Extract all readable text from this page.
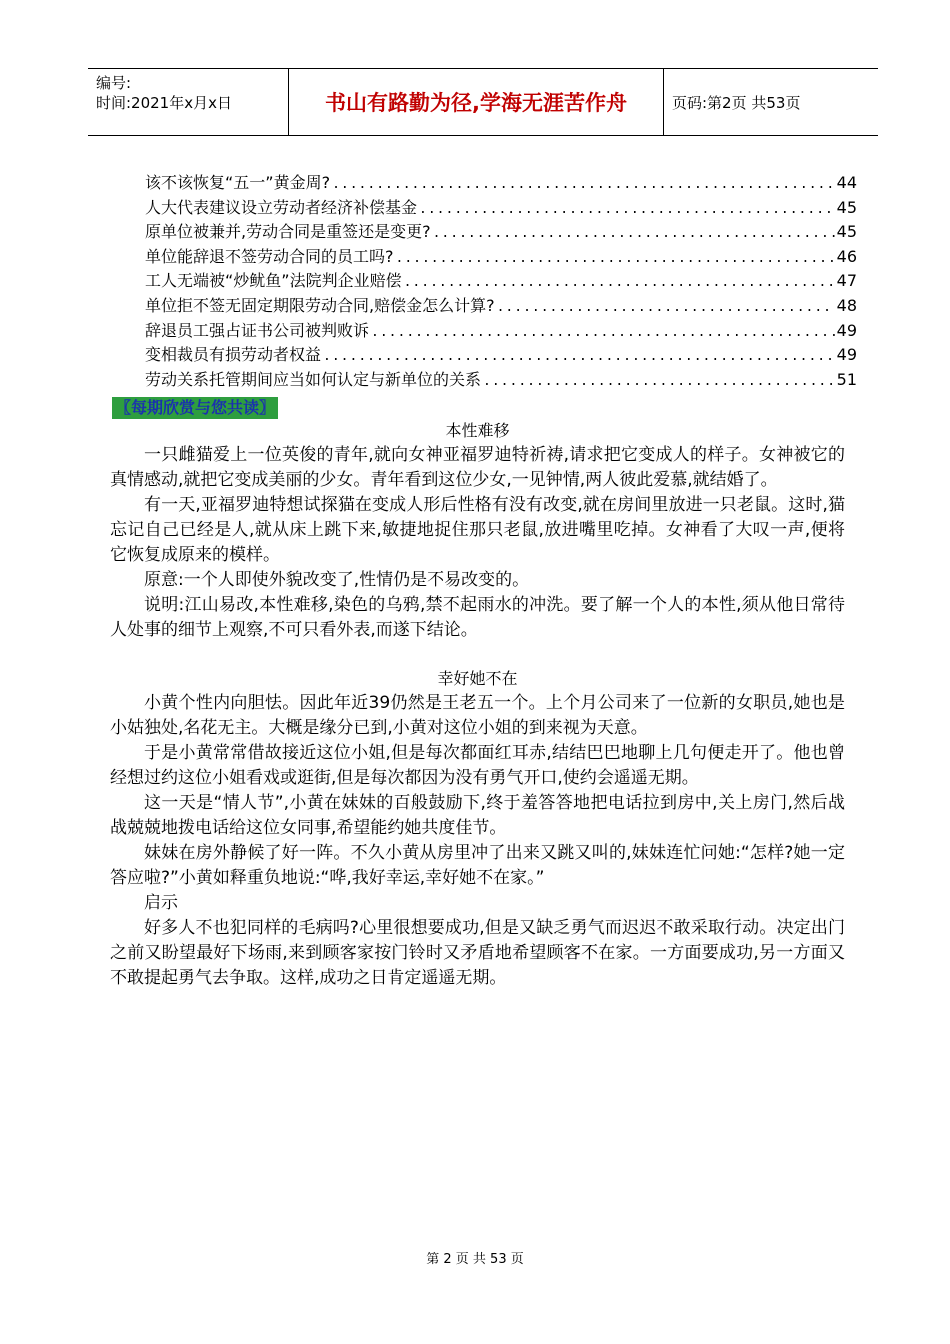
编号:
时间:2021年x月x日	书山有路勤为径,学海无涯苦作舟	页码:第2页 共53页
该不该恢复“五一”黄金周? .....	44
人大代表建议设立劳动者经济补偿基金 .....	45
原单位被兼并,劳动合同是重签还是变更? .....	45
单位能辞退不签劳动合同的员工吗? .....	46
工人无端被“炒鱿鱼”法院判企业赔偿 .....	47
单位拒不签无固定期限劳动合同,赔偿金怎么计算? .....	48
辞退员工强占证书公司被判败诉 .....	49
变相裁员有损劳动者权益 .....	49
劳动关系托管期间应当如何认定与新单位的关系 .....	51
〖每期欣赏与您共读〗
本性难移

一只雌猫爱上一位英俊的青年,就向女神亚福罗迪特祈祷,请求把它变成人的样子。女神被它的真情感动,就把它变成美丽的少女。青年看到这位少女,一见钟情,两人彼此爱慕,就结婚了。

有一天,亚福罗迪特想试探猫在变成人形后性格有没有改变,就在房间里放进一只老鼠。这时,猫忘记自己已经是人,就从床上跳下来,敏捷地捉住那只老鼠,放进嘴里吃掉。女神看了大叹一声,便将它恢复成原来的模样。

原意:一个人即使外貌改变了,性情仍是不易改变的。

说明:江山易改,本性难移,染色的乌鸦,禁不起雨水的冲洗。要了解一个人的本性,须从他日常待人处事的细节上观察,不可只看外表,而遂下结论。

幸好她不在

小黄个性内向胆怯。因此年近39仍然是王老五一个。上个月公司来了一位新的女职员,她也是小姑独处,名花无主。大概是缘分已到,小黄对这位小姐的到来视为天意。

于是小黄常常借故接近这位小姐,但是每次都面红耳赤,结结巴巴地聊上几句便走开了。他也曾经想过约这位小姐看戏或逛街,但是每次都因为没有勇气开口,使约会遥遥无期。

这一天是“情人节”,小黄在妹妹的百般鼓励下,终于羞答答地把电话拉到房中,关上房门,然后战战兢兢地拨电话给这位女同事,希望能约她共度佳节。

妹妹在房外静候了好一阵。不久小黄从房里冲了出来又跳又叫的,妹妹连忙问她:“怎样?她一定答应啦?”小黄如释重负地说:“哗,我好幸运,幸好她不在家。”

启示

好多人不也犯同样的毛病吗?心里很想要成功,但是又缺乏勇气而迟迟不敢采取行动。决定出门之前又盼望最好下场雨,来到顾客家按门铃时又矛盾地希望顾客不在家。一方面要成功,另一方面又不敢提起勇气去争取。这样,成功之日肯定遥遥无期。

第 2 页 共 53 页
